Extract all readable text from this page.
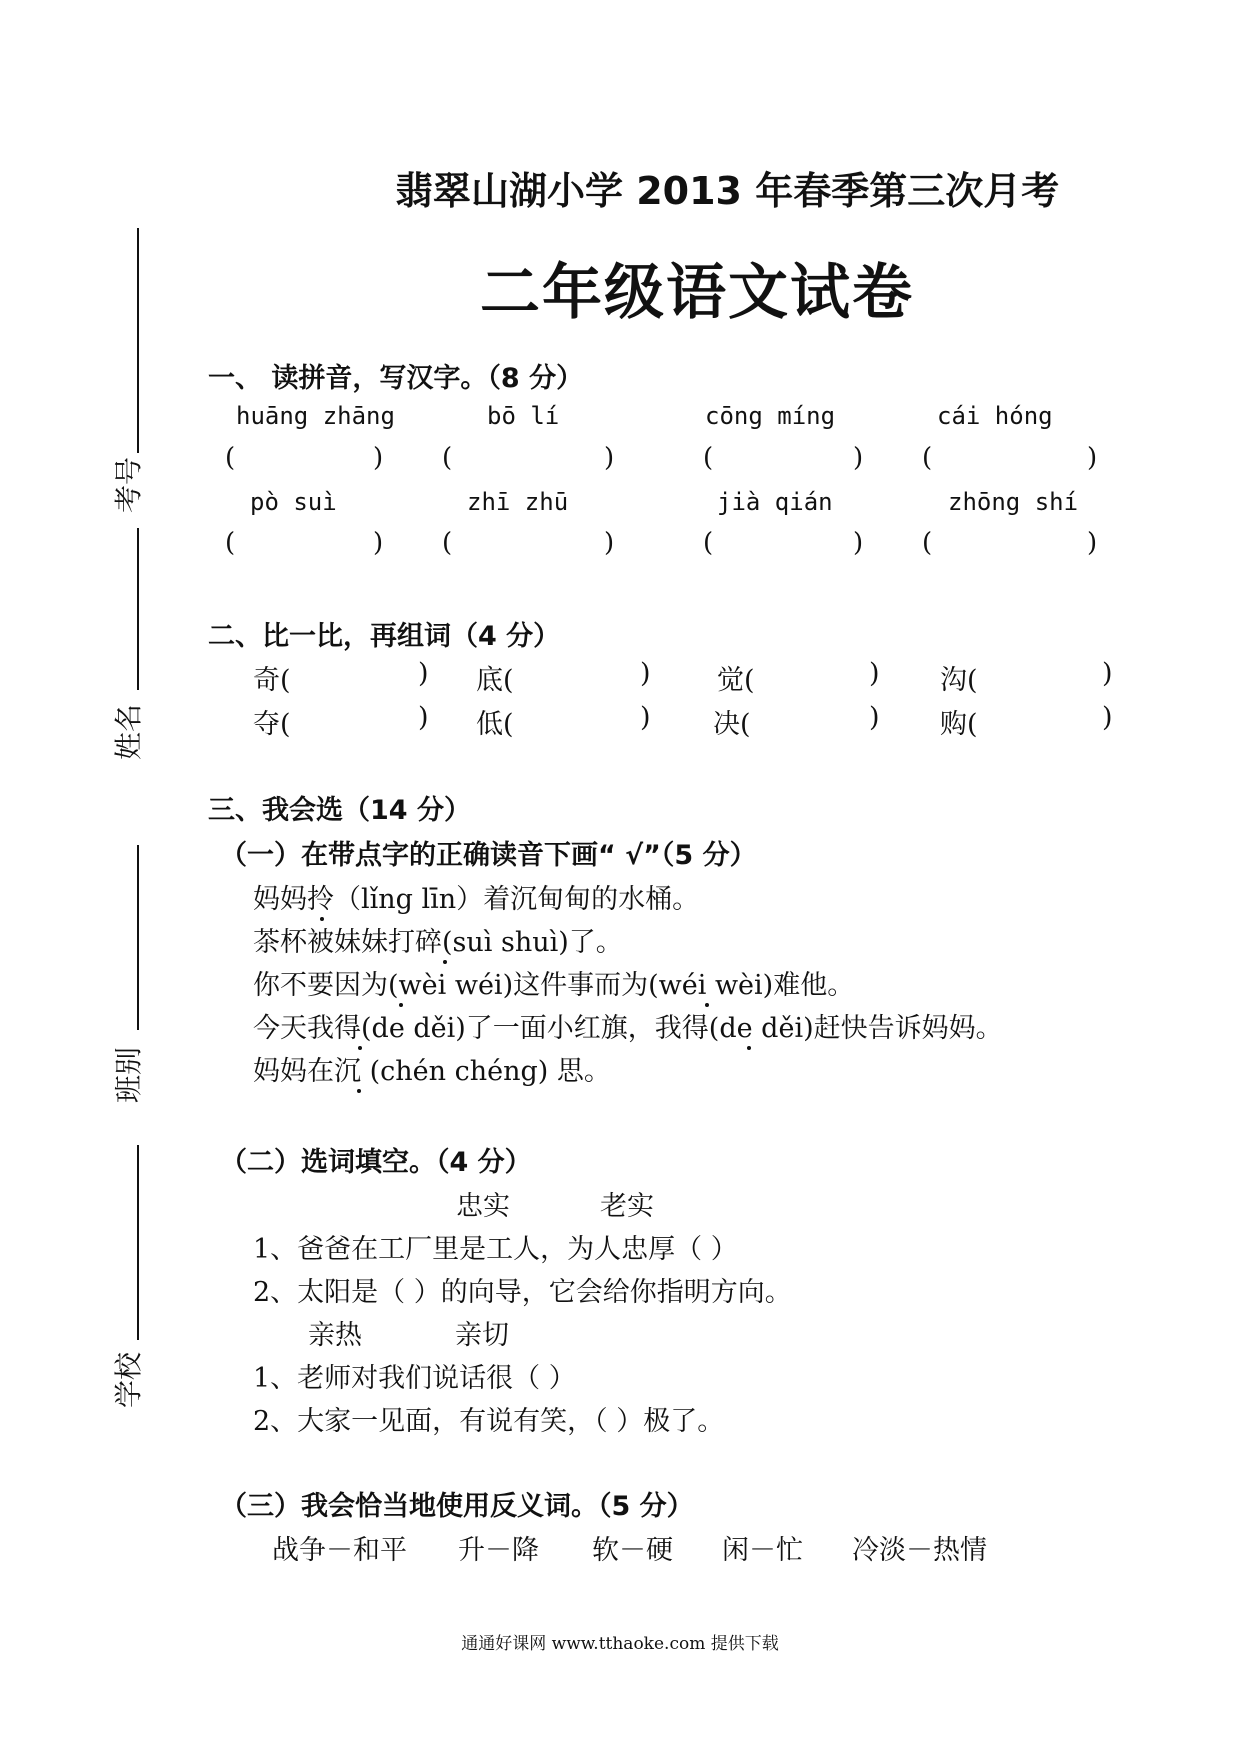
考号
姓名
班别
学校
翡翠山湖小学 2013 年春季第三次月考
二年级语文试卷
一、 读拼音，写汉字。（8 分）
huāng zhāng	bō lí	cōng míng	cái hóng
(	) (	)	(	) (	)
pò suì	zhī zhū	jià qián	zhōng shí
(	) (	)	(	) (	)
二、比一比，再组词（4 分）
奇(	) 底(	) 觉(	) 沟(	)
夺(	) 低(	) 决(	) 购(	)
三、我会选（14 分）
（一）在带点字的正确读音下画“ √”（5 分）
妈妈拎（lǐng līn）着沉甸甸的水桶。
茶杯被妹妹打碎(suì shuì)了。
你不要因为(wèi wéi)这件事而为(wéi wèi)难他。
今天我得(de děi)了一面小红旗，我得(de děi)赶快告诉妈妈。
妈妈在沉 (chén chéng) 思。
（二）选词填空。（4 分）
忠实	老实
1、爸爸在工厂里是工人，为人忠厚（ ）
2、太阳是（ ）的向导，它会给你指明方向。
亲热	亲切
1、老师对我们说话很（ ）
2、大家一见面，有说有笑，（ ）极了。
（三）我会恰当地使用反义词。（5 分）
战争－和平 升－降 软－硬 闲－忙 冷淡－热情
通通好课网 www.tthaoke.com 提供下载
